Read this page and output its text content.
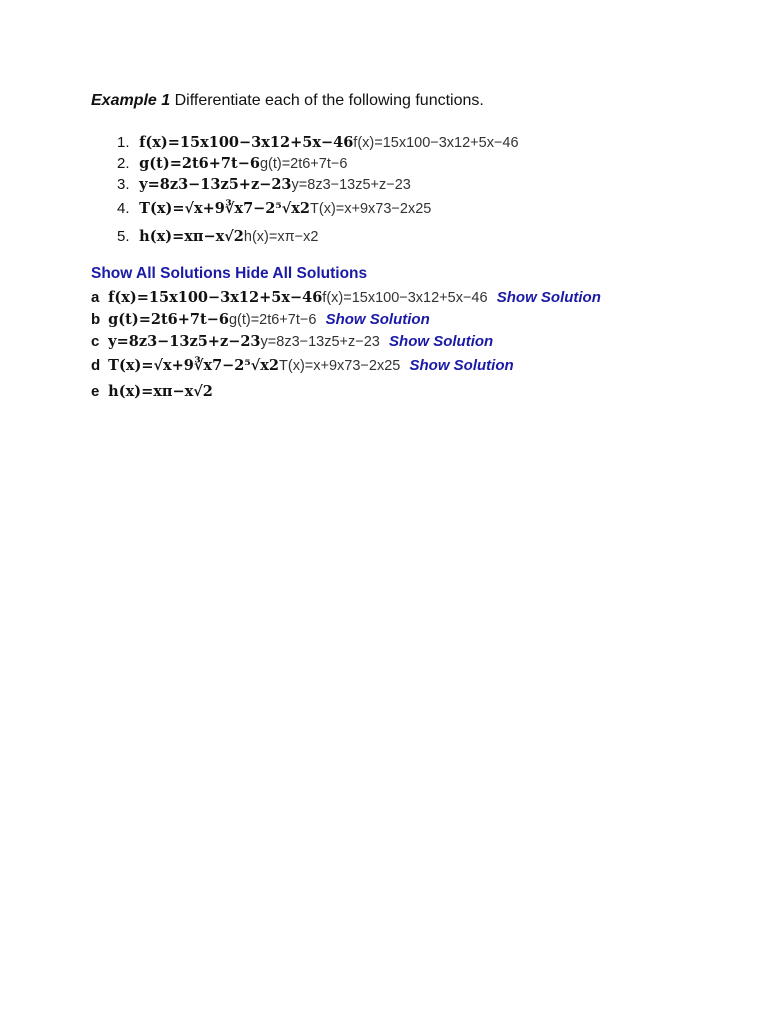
Example 1 Differentiate each of the following functions.
1. f(x)=15x100−3x12+5x−46f(x)=15x100−3x12+5x−46
2. g(t)=2t6+7t−6g(t)=2t6+7t−6
3. y=8z3−13z5+z−23y=8z3−13z5+z−23
4. T(x)=√x+9∛x7−2⁵√x2T(x)=x+9x73−2x25
5. h(x)=xπ−x√2h(x)=xπ−x2
Show All Solutions Hide All Solutions
a f(x)=15x100−3x12+5x−46f(x)=15x100−3x12+5x−46 Show Solution
b g(t)=2t6+7t−6g(t)=2t6+7t−6 Show Solution
c y=8z3−13z5+z−23y=8z3−13z5+z−23 Show Solution
d T(x)=√x+9∛x7−2⁵√x2T(x)=x+9x73−2x25 Show Solution
e h(x)=xπ−x√2
